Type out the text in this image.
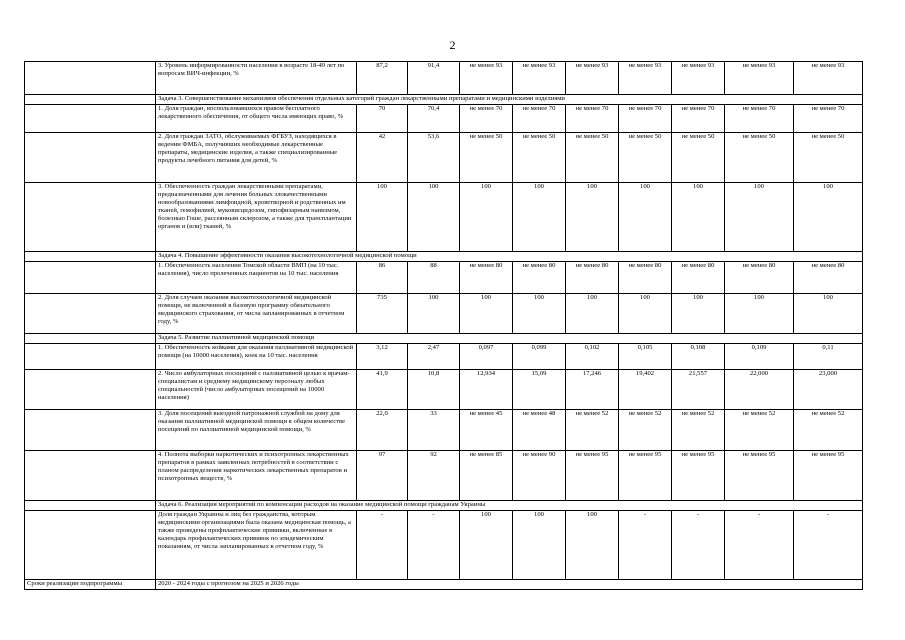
2
	3. Уровень информированности населения в возрасте 18-49 лет по вопросам ВИЧ-инфекции, %	87,2	91,4	не менее 93	не менее 93	не менее 93	не менее 93	не менее 93	не менее 93	не менее 93
	Задача 3. Совершенствование механизмов обеспечения отдельных категорий граждан лекарственными препаратами и медицинскими изделиями									
	1. Доля граждан, воспользовавшихся правом бесплатного лекарственного обеспечения, от общего числа имеющих право, %	70	70,4	не менее 70	не менее 70	не менее 70	не менее 70	не менее 70	не менее 70	не менее 70
	2. Доля граждан ЗАТО, обслуживаемых ФГБУЗ, находящихся в ведении ФМБА, получивших необходимые лекарственные препараты, медицинские изделия, а также специализированные продукты лечебного питания для детей, %	42	53,6	не менее 50	не менее 50	не менее 50	не менее 50	не менее 50	не менее 50	не менее 50
	3. Обеспеченность граждан лекарственными препаратами, предназначенными для лечения больных злокачественными новообразованиями лимфоидной, кроветворной и родственных им тканей, гемофилией, муковисцидозом, гипофизарным нанизмом, болезнью Гоше, рассеянным склерозом, а также для трансплантации органов и (или) тканей, %	100	100	100	100	100	100	100	100	100
	Задача 4. Повышение эффективности оказания высокотехнологичной медицинской помощи									
	1. Обеспеченность населения Томской области ВМП (на 10 тыс. населения), число пролеченных пациентов на 10 тыс. населения	86	88	не менее 80	не менее 80	не менее 80	не менее 80	не менее 80	не менее 80	не менее 80
	2. Доля случаев оказания высокотехнологичной медицинской помощи, не включенной в базовую программу обязательного медицинского страхования, от числа запланированных в отчетном году, %	735	100	100	100	100	100	100	100	100
	Задача 5. Развитие паллиативной медицинской помощи									
	1. Обеспеченность койками для оказания паллиативной медицинской помощи (на 10000 населения), коек на 10 тыс. населения	3,12	2,47	0,097	0,099	0,102	0,105	0,108	0,109	0,11
	2. Число амбулаторных посещений с паллиативной целью к врачам-специалистам и среднему медицинскому персоналу любых специальностей (число амбулаторных посещений на 10000 населения)	41,9	10,8	12,934	15,09	17,246	19,402	21,557	22,000	23,000
	3. Доля посещений выездной патронажной службой на дому для оказания паллиативной медицинской помощи в общем количестве посещений по паллиативной медицинской помощи, %	22,0	33	не менее 45	не менее 48	не менее 52	не менее 52	не менее 52	не менее 52	не менее 52
	4. Полнота выборки наркотических и психотропных лекарственных препаратов в рамках заявленных потребностей в соответствии с планом распределения наркотических лекарственных препаратов и психотропных веществ, %	97	92	не менее 85	не менее 90	не менее 95	не менее 95	не менее 95	не менее 95	не менее 95
	Задача 6. Реализация мероприятий по компенсации расходов на оказание медицинской помощи гражданам Украины									
	Доля граждан Украины и лиц без гражданства, которым медицинскими организациями была оказана медицинская помощь, а также проведены профилактические прививки, включенные в календарь профилактических прививок по эпидемическим показаниям, от числа запланированных в отчетном году, %	-	-	100	100	100	-	-	-	-
Сроки реализации подпрограммы	2020 - 2024 годы с прогнозом на 2025 и 2026 годы									
